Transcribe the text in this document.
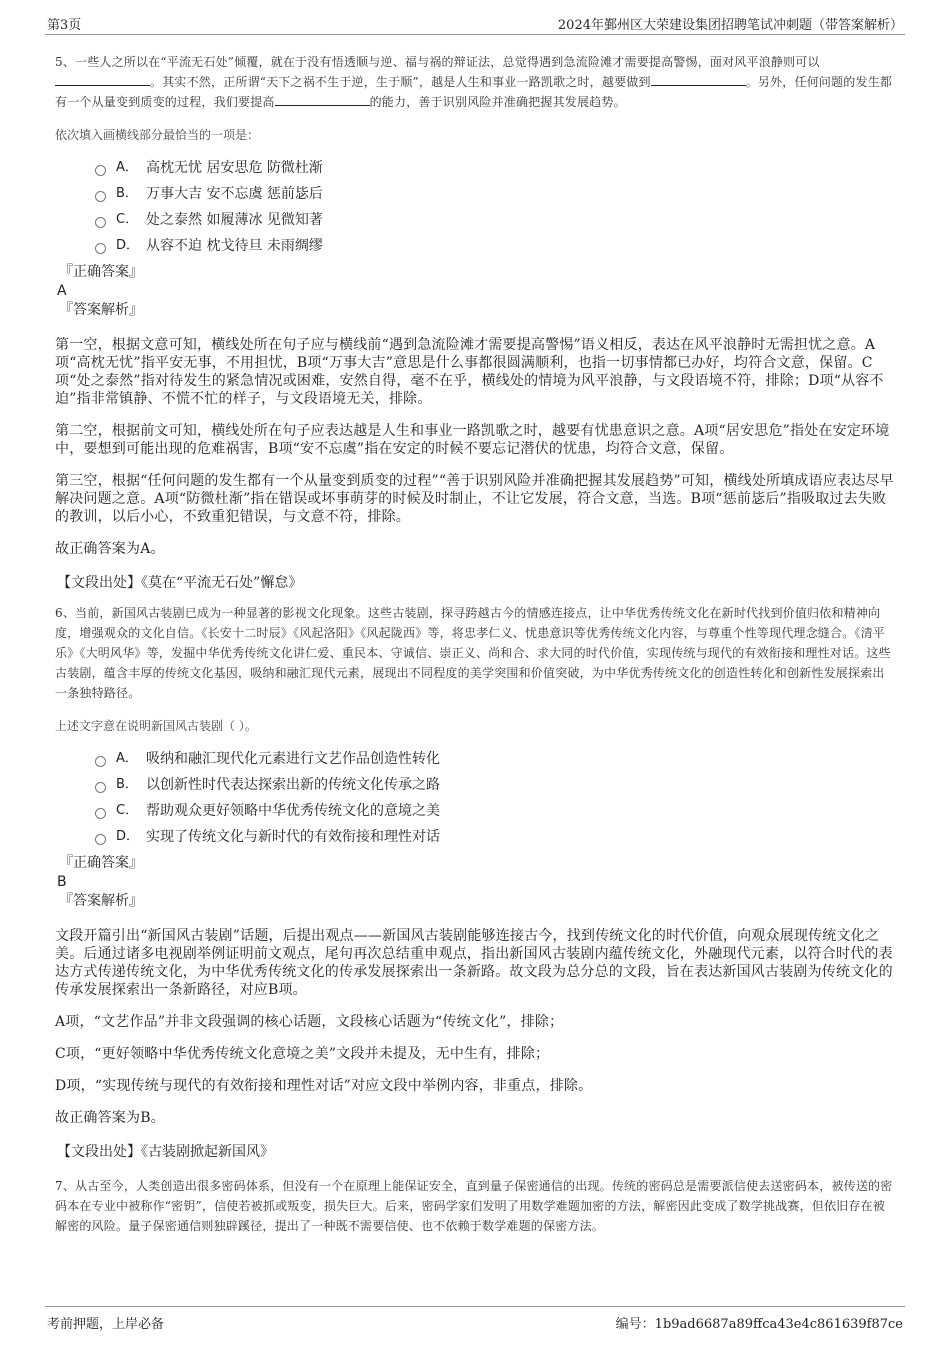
第3页	2024年鄞州区大荣建设集团招聘笔试冲刺题（带答案解析）
5、一些人之所以在“平流无石处”倾覆，就在于没有悟透顺与逆、福与祸的辩证法，总觉得遇到急流险滩才需要提高警惕，面对风平浪静则可以。其实不然，正所谓“天下之祸不生于逆，生于顺”，越是人生和事业一路凯歌之时，越要做到	。另外，任何问题的发生都有一个从量变到质变的过程，我们要提高	的能力，善于识别风险并准确把握其发展趋势。
依次填入画横线部分最恰当的一项是：
A． 高枕无忧 居安思危 防微杜渐
B． 万事大吉 安不忘虞 惩前毖后
C． 处之泰然 如履薄冰 见微知著
D． 从容不迫 枕戈待旦 未雨绸缪
『正确答案』
A
『答案解析』
第一空，根据文意可知，横线处所在句子应与横线前“遇到急流险滩才需要提高警惕”语义相反，表达在风平浪静时无需担忧之意。A项“高枕无忧”指平安无事，不用担忧，B项“万事大吉”意思是什么事都很圆满顺利，也指一切事情都已办好，均符合文意，保留。C项“处之泰然”指对待发生的紧急情况或困难，安然自得，毫不在乎，横线处的情境为风平浪静，与文段语境不符，排除；D项“从容不迫”指非常镇静、不慌不忙的样子，与文段语境无关，排除。
第二空，根据前文可知，横线处所在句子应表达越是人生和事业一路凯歌之时，越要有忧患意识之意。A项“居安思危”指处在安定环境中，要想到可能出现的危难祸害，B项“安不忘虞”指在安定的时候不要忘记潜伏的忧患，均符合文意，保留。
第三空，根据“任何问题的发生都有一个从量变到质变的过程”“善于识别风险并准确把握其发展趋势”可知，横线处所填成语应表达尽早解决问题之意。A项“防微杜渐”指在错误或坏事萌芽的时候及时制止，不让它发展，符合文意，当选。B项“惩前毖后”指吸取过去失败的教训，以后小心，不致重犯错误，与文意不符，排除。
故正确答案为A。
【文段出处】《莫在“平流无石处”懈怠》
6、当前，新国风古装剧已成为一种显著的影视文化现象。这些古装剧，探寻跨越古今的情感连接点，让中华优秀传统文化在新时代找到价值归依和精神向度，增强观众的文化自信。《长安十二时辰》《风起洛阳》《风起陇西》等，将忠孝仁义、忧患意识等优秀传统文化内容，与尊重个性等现代理念缝合。《清平乐》《大明风华》等，发掘中华优秀传统文化讲仁爱、重民本、守诚信、崇正义、尚和合、求大同的时代价值，实现传统与现代的有效衔接和理性对话。这些古装剧，蕴含丰厚的传统文化基因，吸纳和融汇现代元素，展现出不同程度的美学突围和价值突破，为中华优秀传统文化的创造性转化和创新性发展探索出一条独特路径。
上述文字意在说明新国风古装剧（ ）。
A． 吸纳和融汇现代化元素进行文艺作品创造性转化
B． 以创新性时代表达探索出新的传统文化传承之路
C． 帮助观众更好领略中华优秀传统文化的意境之美
D． 实现了传统文化与新时代的有效衔接和理性对话
『正确答案』
B
『答案解析』
文段开篇引出“新国风古装剧”话题，后提出观点——新国风古装剧能够连接古今，找到传统文化的时代价值，向观众展现传统文化之美。后通过诸多电视剧举例证明前文观点，尾句再次总结重申观点，指出新国风古装剧内蕴传统文化，外融现代元素，以符合时代的表达方式传递传统文化，为中华优秀传统文化的传承发展探索出一条新路。故文段为总分总的文段，旨在表达新国风古装剧为传统文化的传承发展探索出一条新路径，对应B项。
A项，“文艺作品”并非文段强调的核心话题，文段核心话题为“传统文化”，排除；
C项，“更好领略中华优秀传统文化意境之美”文段并未提及，无中生有，排除；
D项，“实现传统与现代的有效衔接和理性对话”对应文段中举例内容，非重点，排除。
故正确答案为B。
【文段出处】《古装剧掀起新国风》
7、从古至今，人类创造出很多密码体系，但没有一个在原理上能保证安全，直到量子保密通信的出现。传统的密码总是需要派信使去送密码本，被传送的密码本在专业中被称作“密钥”，信使若被抓或叛变，损失巨大。后来，密码学家们发明了用数学难题加密的方法，解密因此变成了数学挑战赛，但依旧存在被解密的风险。量子保密通信则独辟蹊径，提出了一种既不需要信使、也不依赖于数学难题的保密方法。
考前押题，上岸必备	编号：1b9ad6687a89ffca43e4c861639f87ce
